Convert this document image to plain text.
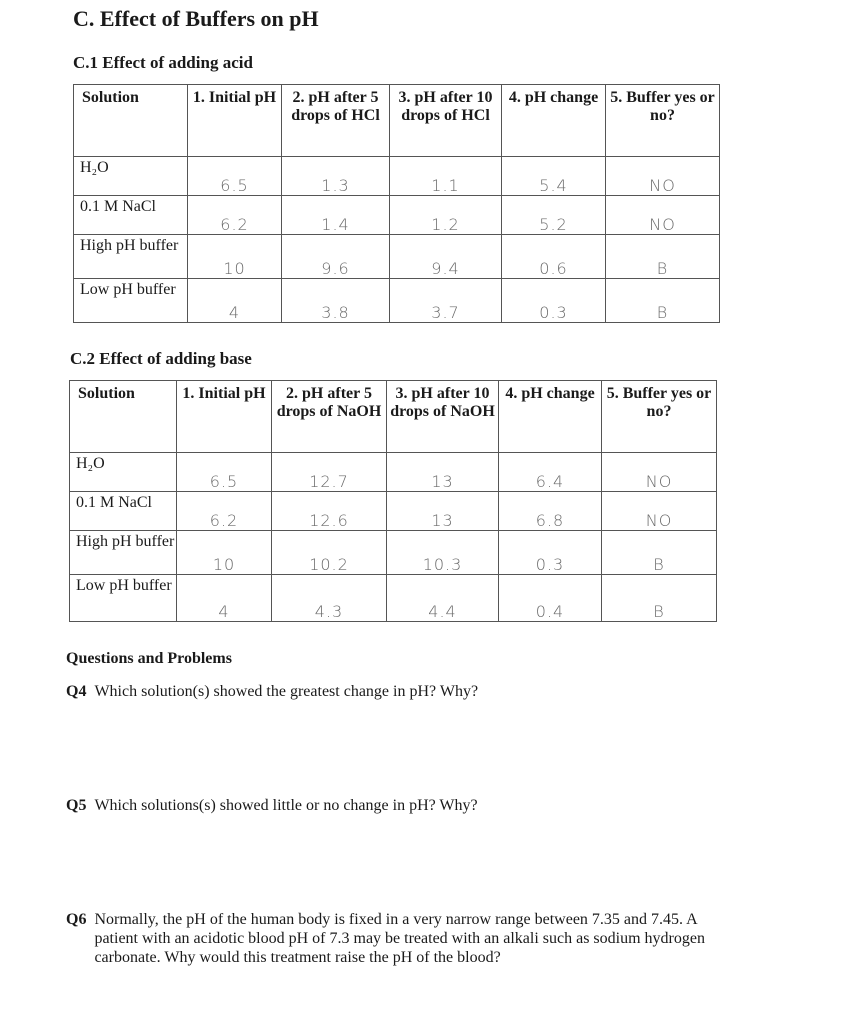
C. Effect of Buffers on pH
C.1 Effect of adding acid
Solution	1. Initial pH	2. pH after 5 drops of HCl	3. pH after 10 drops of HCl	4. pH change	5. Buffer yes or no?
H₂O	6.5	1.3	1.1	5.4	NO
0.1 M NaCl	6.2	1.4	1.2	5.2	NO
High pH buffer	10	9.6	9.4	0.6	B
Low pH buffer	4	3.8	3.7	0.3	B
C.2 Effect of adding base
Solution	1. Initial pH	2. pH after 5 drops of NaOH	3. pH after 10 drops of NaOH	4. pH change	5. Buffer yes or no?
H₂O	6.5	12.7	13	6.4	NO
0.1 M NaCl	6.2	12.6	13	6.8	NO
High pH buffer	10	10.2	10.3	0.3	B
Low pH buffer	4	4.3	4.4	0.4	B
Questions and Problems
Q4 Which solution(s) showed the greatest change in pH? Why?
Q5 Which solutions(s) showed little or no change in pH? Why?
Q6 Normally, the pH of the human body is fixed in a very narrow range between 7.35 and 7.45. A patient with an acidotic blood pH of 7.3 may be treated with an alkali such as sodium hydrogen carbonate. Why would this treatment raise the pH of the blood?
